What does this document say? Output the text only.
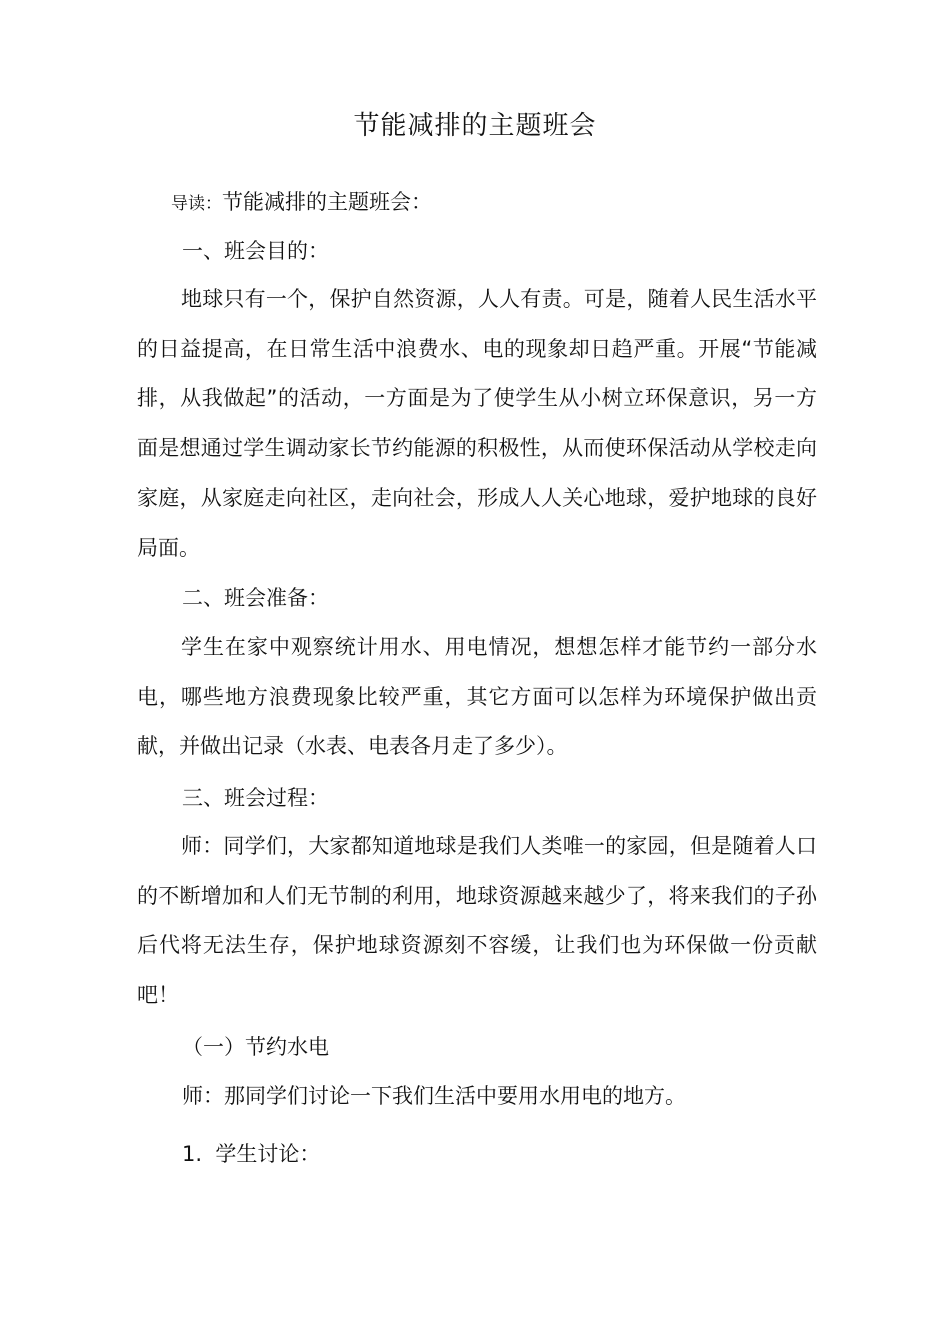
节能减排的主题班会
导读：节能减排的主题班会：
一、班会目的：
地球只有一个，保护自然资源，人人有责。可是，随着人民生活水平的日益提高，在日常生活中浪费水、电的现象却日趋严重。开展“节能减排，从我做起”的活动，一方面是为了使学生从小树立环保意识，另一方面是想通过学生调动家长节约能源的积极性，从而使环保活动从学校走向家庭，从家庭走向社区，走向社会，形成人人关心地球，爱护地球的良好局面。
二、班会准备：
学生在家中观察统计用水、用电情况，想想怎样才能节约一部分水电，哪些地方浪费现象比较严重，其它方面可以怎样为环境保护做出贡献，并做出记录（水表、电表各月走了多少）。
三、班会过程：
师：同学们，大家都知道地球是我们人类唯一的家园，但是随着人口的不断增加和人们无节制的利用，地球资源越来越少了，将来我们的子孙后代将无法生存，保护地球资源刻不容缓，让我们也为环保做一份贡献吧！
（一）节约水电
师：那同学们讨论一下我们生活中要用水用电的地方。
1. 学生讨论：
